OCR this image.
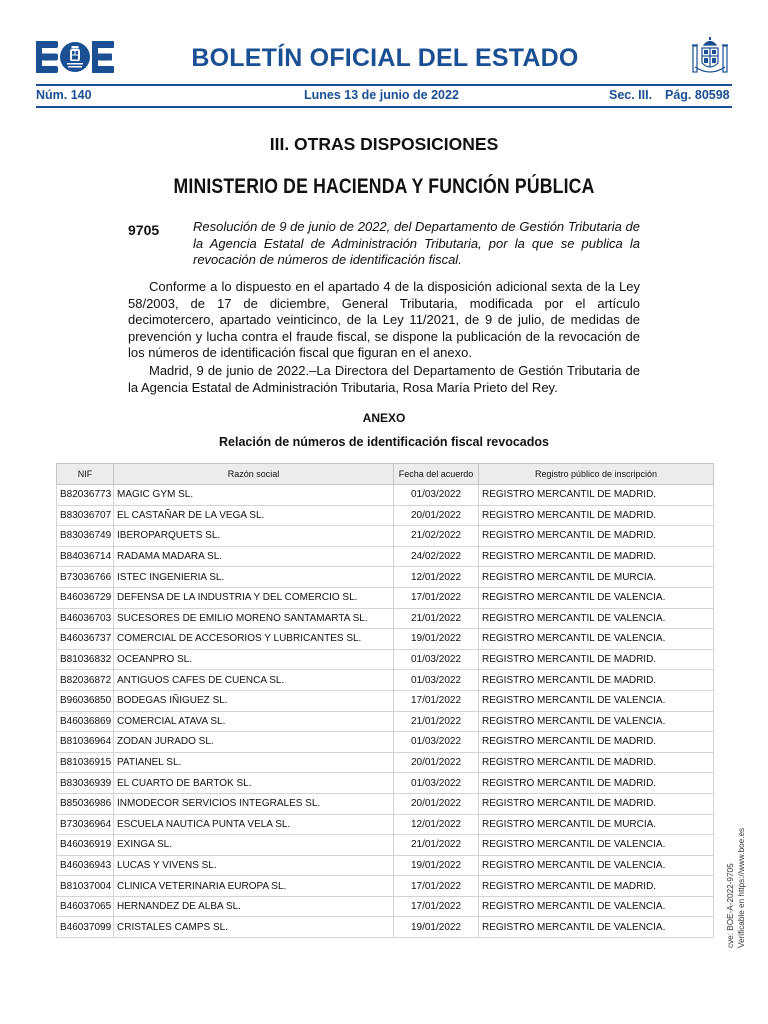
BOLETÍN OFICIAL DEL ESTADO
Núm. 140	Lunes 13 de junio de 2022	Sec. III. Pág. 80598
III. OTRAS DISPOSICIONES
MINISTERIO DE HACIENDA Y FUNCIÓN PÚBLICA
9705	Resolución de 9 de junio de 2022, del Departamento de Gestión Tributaria de la Agencia Estatal de Administración Tributaria, por la que se publica la revocación de números de identificación fiscal.

Conforme a lo dispuesto en el apartado 4 de la disposición adicional sexta de la Ley 58/2003, de 17 de diciembre, General Tributaria, modificada por el artículo decimotercero, apartado veinticinco, de la Ley 11/2021, de 9 de julio, de medidas de prevención y lucha contra el fraude fiscal, se dispone la publicación de la revocación de los números de identificación fiscal que figuran en el anexo.

Madrid, 9 de junio de 2022.–La Directora del Departamento de Gestión Tributaria de la Agencia Estatal de Administración Tributaria, Rosa María Prieto del Rey.

ANEXO
Relación de números de identificación fiscal revocados
NIF	Razón social	Fecha del acuerdo	Registro público de inscripción
B82036773	MAGIC GYM SL.	01/03/2022	REGISTRO MERCANTIL DE MADRID.
B83036707	EL CASTAÑAR DE LA VEGA SL.	20/01/2022	REGISTRO MERCANTIL DE MADRID.
B83036749	IBEROPARQUETS SL.	21/02/2022	REGISTRO MERCANTIL DE MADRID.
B84036714	RADAMA MADARA SL.	24/02/2022	REGISTRO MERCANTIL DE MADRID.
B73036766	ISTEC INGENIERIA SL.	12/01/2022	REGISTRO MERCANTIL DE MURCIA.
B46036729	DEFENSA DE LA INDUSTRIA Y DEL COMERCIO SL.	17/01/2022	REGISTRO MERCANTIL DE VALENCIA.
B46036703	SUCESORES DE EMILIO MORENO SANTAMARTA SL.	21/01/2022	REGISTRO MERCANTIL DE VALENCIA.
B46036737	COMERCIAL DE ACCESORIOS Y LUBRICANTES SL.	19/01/2022	REGISTRO MERCANTIL DE VALENCIA.
B81036832	OCEANPRO SL.	01/03/2022	REGISTRO MERCANTIL DE MADRID.
B82036872	ANTIGUOS CAFES DE CUENCA SL.	01/03/2022	REGISTRO MERCANTIL DE MADRID.
B96036850	BODEGAS IÑIGUEZ SL.	17/01/2022	REGISTRO MERCANTIL DE VALENCIA.
B46036869	COMERCIAL ATAVA SL.	21/01/2022	REGISTRO MERCANTIL DE VALENCIA.
B81036964	ZODAN JURADO SL.	01/03/2022	REGISTRO MERCANTIL DE MADRID.
B81036915	PATIANEL SL.	20/01/2022	REGISTRO MERCANTIL DE MADRID.
B83036939	EL CUARTO DE BARTOK SL.	01/03/2022	REGISTRO MERCANTIL DE MADRID.
B85036986	INMODECOR SERVICIOS INTEGRALES SL.	20/01/2022	REGISTRO MERCANTIL DE MADRID.
B73036964	ESCUELA NAUTICA PUNTA VELA SL.	12/01/2022	REGISTRO MERCANTIL DE MURCIA.
B46036919	EXINGA SL.	21/01/2022	REGISTRO MERCANTIL DE VALENCIA.
B46036943	LUCAS Y VIVENS SL.	19/01/2022	REGISTRO MERCANTIL DE VALENCIA.
B81037004	CLINICA VETERINARIA EUROPA SL.	17/01/2022	REGISTRO MERCANTIL DE MADRID.
B46037065	HERNANDEZ DE ALBA SL.	17/01/2022	REGISTRO MERCANTIL DE VALENCIA.
B46037099	CRISTALES CAMPS SL.	19/01/2022	REGISTRO MERCANTIL DE VALENCIA.	cve: BOE-A-2022-9705 Verificable en https://www.boe.es
